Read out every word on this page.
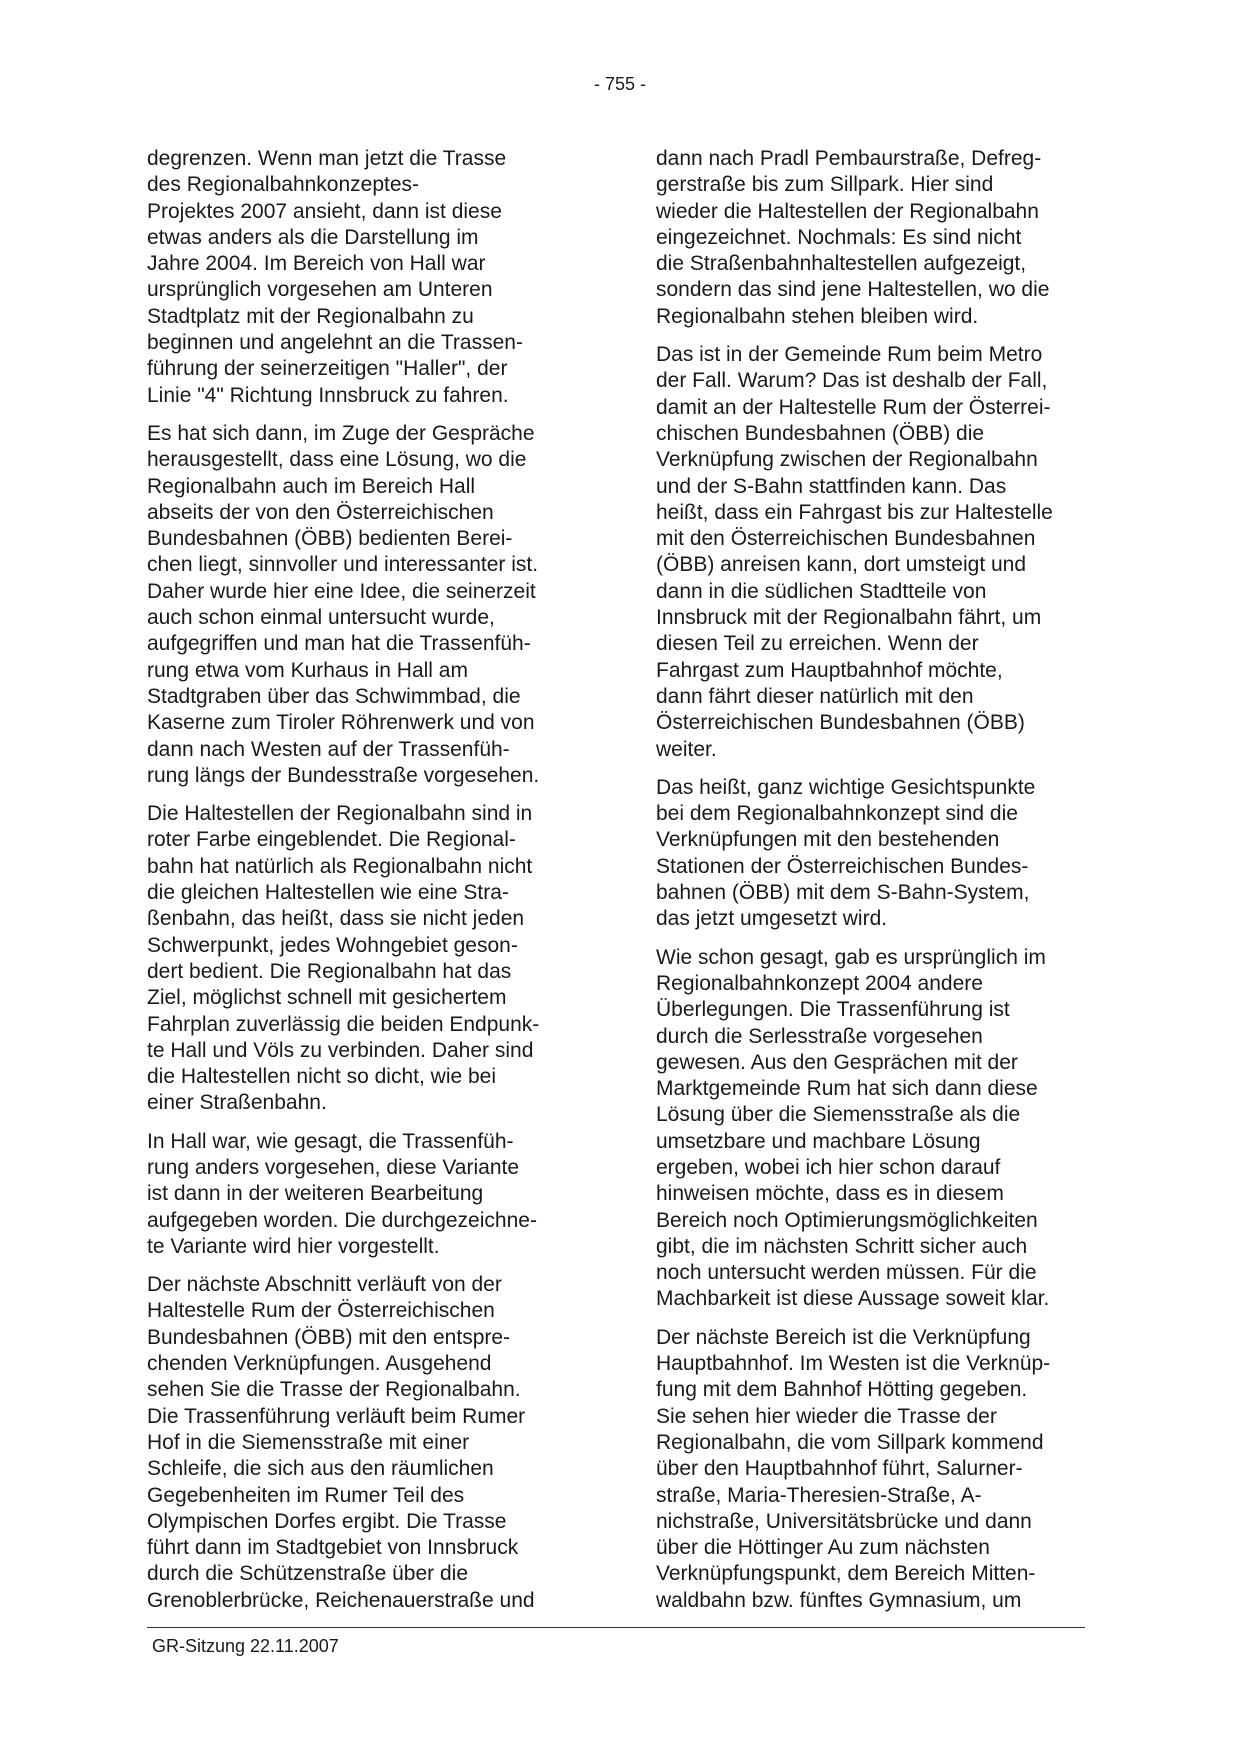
- 755 -

degrenzen. Wenn man jetzt die Trasse
des Regionalbahnkonzeptes-
Projektes 2007 ansieht, dann ist diese
etwas anders als die Darstellung im
Jahre 2004. Im Bereich von Hall war
ursprünglich vorgesehen am Unteren
Stadtplatz mit der Regionalbahn zu
beginnen und angelehnt an die Trassen-
führung der seinerzeitigen "Haller", der
Linie "4" Richtung Innsbruck zu fahren.

Es hat sich dann, im Zuge der Gespräche
herausgestellt, dass eine Lösung, wo die
Regionalbahn auch im Bereich Hall
abseits der von den Österreichischen
Bundesbahnen (ÖBB) bedienten Berei-
chen liegt, sinnvoller und interessanter ist.
Daher wurde hier eine Idee, die seinerzeit
auch schon einmal untersucht wurde,
aufgegriffen und man hat die Trassenfüh-
rung etwa vom Kurhaus in Hall am
Stadtgraben über das Schwimmbad, die
Kaserne zum Tiroler Röhrenwerk und von
dann nach Westen auf der Trassenfüh-
rung längs der Bundesstraße vorgesehen.

Die Haltestellen der Regionalbahn sind in
roter Farbe eingeblendet. Die Regional-
bahn hat natürlich als Regionalbahn nicht
die gleichen Haltestellen wie eine Stra-
ßenbahn, das heißt, dass sie nicht jeden
Schwerpunkt, jedes Wohngebiet geson-
dert bedient. Die Regionalbahn hat das
Ziel, möglichst schnell mit gesichertem
Fahrplan zuverlässig die beiden Endpunk-
te Hall und Völs zu verbinden. Daher sind
die Haltestellen nicht so dicht, wie bei
einer Straßenbahn.

In Hall war, wie gesagt, die Trassenfüh-
rung anders vorgesehen, diese Variante
ist dann in der weiteren Bearbeitung
aufgegeben worden. Die durchgezeichne-
te Variante wird hier vorgestellt.

Der nächste Abschnitt verläuft von der
Haltestelle Rum der Österreichischen
Bundesbahnen (ÖBB) mit den entspre-
chenden Verknüpfungen. Ausgehend
sehen Sie die Trasse der Regionalbahn.
Die Trassenführung verläuft beim Rumer
Hof in die Siemensstraße mit einer
Schleife, die sich aus den räumlichen
Gegebenheiten im Rumer Teil des
Olympischen Dorfes ergibt. Die Trasse
führt dann im Stadtgebiet von Innsbruck
durch die Schützenstraße über die
Grenoblerbrücke, Reichenauerstraße und

dann nach Pradl Pembaurstraße, Defreg-
gerstraße bis zum Sillpark. Hier sind
wieder die Haltestellen der Regionalbahn
eingezeichnet. Nochmals: Es sind nicht
die Straßenbahnhaltestellen aufgezeigt,
sondern das sind jene Haltestellen, wo die
Regionalbahn stehen bleiben wird.

Das ist in der Gemeinde Rum beim Metro
der Fall. Warum? Das ist deshalb der Fall,
damit an der Haltestelle Rum der Österrei-
chischen Bundesbahnen (ÖBB) die
Verknüpfung zwischen der Regionalbahn
und der S-Bahn stattfinden kann. Das
heißt, dass ein Fahrgast bis zur Haltestelle
mit den Österreichischen Bundesbahnen
(ÖBB) anreisen kann, dort umsteigt und
dann in die südlichen Stadtteile von
Innsbruck mit der Regionalbahn fährt, um
diesen Teil zu erreichen. Wenn der
Fahrgast zum Hauptbahnhof möchte,
dann fährt dieser natürlich mit den
Österreichischen Bundesbahnen (ÖBB)
weiter.

Das heißt, ganz wichtige Gesichtspunkte
bei dem Regionalbahnkonzept sind die
Verknüpfungen mit den bestehenden
Stationen der Österreichischen Bundes-
bahnen (ÖBB) mit dem S-Bahn-System,
das jetzt umgesetzt wird.

Wie schon gesagt, gab es ursprünglich im
Regionalbahnkonzept 2004 andere
Überlegungen. Die Trassenführung ist
durch die Serlesstraße vorgesehen
gewesen. Aus den Gesprächen mit der
Marktgemeinde Rum hat sich dann diese
Lösung über die Siemensstraße als die
umsetzbare und machbare Lösung
ergeben, wobei ich hier schon darauf
hinweisen möchte, dass es in diesem
Bereich noch Optimierungsmöglichkeiten
gibt, die im nächsten Schritt sicher auch
noch untersucht werden müssen. Für die
Machbarkeit ist diese Aussage soweit klar.

Der nächste Bereich ist die Verknüpfung
Hauptbahnhof. Im Westen ist die Verknüp-
fung mit dem Bahnhof Hötting gegeben.
Sie sehen hier wieder die Trasse der
Regionalbahn, die vom Sillpark kommend
über den Hauptbahnhof führt, Salurner-
straße, Maria-Theresien-Straße, A-
nichstraße, Universitätsbrücke und dann
über die Höttinger Au zum nächsten
Verknüpfungspunkt, dem Bereich Mitten-
waldbahn bzw. fünftes Gymnasium, um

GR-Sitzung 22.11.2007
